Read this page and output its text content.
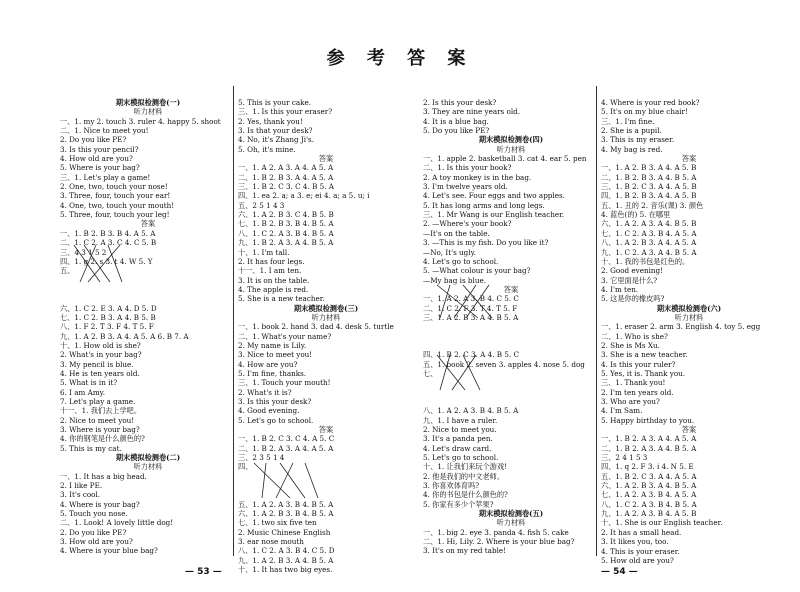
参 考 答 案
期末模拟检测卷(一)
听力材料
一、1. my 2. touch 3. ruler 4. happy 5. shoot
二、1. Nice to meet you!
2. Do you like PE?
3. Is this your pencil?
4. How old are you?
5. Where is your bag?
三、1. Let's play a game!
2. One, two, touch your nose!
3. Three, four, touch your ear!
4. One, two, touch your mouth!
5. Three, four, touch your leg!
答案
一、1. B 2. B 3. B 4. A 5. A
二、1. C 2. A 3. C 4. C 5. B
三、4 3 1 5 2
四、1. g 2. s 3. t 4. W 5. Y
五、
六、1. C 2. E 3. A 4. D 5. D
七、1. C 2. B 3. A 4. B 5. B
八、1. F 2. T 3. F 4. T 5. F
九、1. A 2. B 3. A 4. A 5. A 6. B 7. A
十、1. How old is she?
2. What's in your bag?
3. My pencil is blue.
4. He is ten years old.
5. What is in it?
6. I am Amy.
7. Let's play a game.
十一、1. 我们去上学吧。
2. Nice to meet you!
3. Where is your bag?
4. 你的钢笔是什么颜色的?
5. This is my cat.
期末模拟检测卷(二)
听力材料
一、1. It has a big head.
2. I like PE.
3. It's cool.
4. Where is your bag?
5. Touch you nose.
二、1. Look! A lovely little dog!
2. Do you like PE?
3. How old are you?
4. Where is your blue bag?
5. This is your cake.
三、1. Is this your eraser?
2. Yes, thank you!
3. Is that your desk?
4. No, it's Zhang Ji's.
5. Oh, it's mine.
答案
一、1. A 2. A 3. A 4. A 5. A
二、1. B 2. B 3. A 4. A 5. A
三、1. B 2. C 3. C 4. B 5. A
四、1. ea 2. a; a 3. e; ei 4. a; a 5. u; i
五、2 5 1 4 3
六、1. A 2. B 3. C 4. B 5. B
七、1. B 2. B 3. B 4. B 5. A
八、1. C 2. A 3. B 4. B 5. A
九、1. B 2. A 3. A 4. B 5. A
十、1. I'm tall.
2. It has four legs.
十一、1. I am ten.
3. It is on the table.
4. The apple is red.
5. She is a new teacher.
期末模拟检测卷(三)
听力材料
一、1. book 2. hand 3. dad 4. desk 5. turtle
二、1. What's your name?
2. My name is Lily.
3. Nice to meet you!
4. How are you?
5. I'm fine, thanks.
三、1. Touch your mouth!
2. What's it is?
3. Is this your desk?
4. Good evening.
5. Let's go to school.
答案
一、1. B 2. C 3. C 4. A 5. C
二、1. B 2. A 3. A 4. A 5. A
三、2 3 5 1 4
四、
五、1. A 2. A 3. B 4. B 5. A
六、1. A 2. B 3. B 4. B 5. A
七、1. two six five ten
2. Music Chinese English
3. ear nose mouth
八、1. C 2. A 3. B 4. C 5. D
九、1. A 2. B 3. A 4. B 5. A
十、1. It has two big eyes.
2. Is this your desk?
3. They are nine years old.
4. It is a blue bag.
5. Do you like PE?
期末模拟检测卷(四)
听力材料
一、1. apple 2. basketball 3. cat 4. ear 5. pen
二、1. Is this your book?
2. A toy monkey is in the bag.
3. I'm twelve years old.
4. Let's see. Four eggs and two apples.
5. It has long arms and long legs.
三、1. Mr Wang is our English teacher.
2. —Where's your book?
—It's on the table.
3. —This is my fish. Do you like it?
—No, It's ugly.
4. Let's go to school.
5. —What colour is your bag?
—My bag is blue.
答案
一、1. A 2. A 3. B 4. C 5. C
二、1. C 2. F 3. T 4. T 5. F
三、1. A 2. B 3. A 4. B 5. A
四、1. B 2. C 3. A 4. B 5. C
五、1. book 2. seven 3. apples 4. nose 5. dog
七、
八、1. A 2. A 3. B 4. B 5. A
九、1. I have a ruler.
2. Nice to meet you.
3. It's a panda pen.
4. Let's draw card.
5. Let's go to school.
十、1. 让我们来玩个游戏!
2. 他是我们的中文老师。
3. 你喜欢体育吗?
4. 你的书包是什么颜色的?
5. 你家有多少个苹果?
期末模拟检测卷(五)
听力材料
一、1. big 2. eye 3. panda 4. fish 5. cake
二、1. Hi, Lily. 2. Where is your blue bag?
3. It's on my red table!
4. Where is your red book?
5. It's on my blue chair!
三、1. I'm fine.
2. She is a pupil.
3. This is my eraser.
4. My bag is red.
答案
一、1. A 2. B 3. A 4. A 5. B
二、1. B 2. B 3. A 4. B 5. A
三、1. B 2. C 3. A 4. A 5. B
四、1. B 2. B 3. A 4. A 5. B
五、1. 丑的 2. 音乐(课) 3. 颜色
4. 蓝色(的) 5. 在哪里
六、1. A 2. A 3. A 4. B 5. B
七、1. C 2. A 3. B 4. A 5. A
八、1. A 2. B 3. A 4. A 5. A
九、1. C 2. A 3. A 4. B 5. A
十、1. 我的书包是红色的。
2. Good evening!
3. 它里面是什么?
4. I'm ten.
5. 这是你的橡皮吗?
期末模拟检测卷(六)
听力材料
一、1. eraser 2. arm 3. English 4. toy 5. egg
二、1. Who is she?
2. She is Ms Xu.
3. She is a new teacher.
4. Is this your ruler?
5. Yes, it is. Thank you.
三、1. Thank you!
2. I'm ten years old.
3. Who are you?
4. I'm Sam.
5. Happy birthday to you.
答案
一、1. B 2. A 3. A 4. A 5. A
二、1. B 2. A 3. A 4. B 5. A
三、2 4 1 5 3
四、1. q 2. F 3. i 4. N 5. E
五、1. B 2. C 3. A 4. A 5. A
六、1. A 2. B 3. A 4. B 5. A
七、1. A 2. A 3. B 4. A 5. A
八、1. C 2. A 3. B 4. B 5. A
九、1. A 2. A 3. B 4. A 5. B
十、1. She is our English teacher.
2. It has a small head.
3. It likes you, too.
4. This is your eraser.
5. How old are you?
— 53 —	— 54 —
